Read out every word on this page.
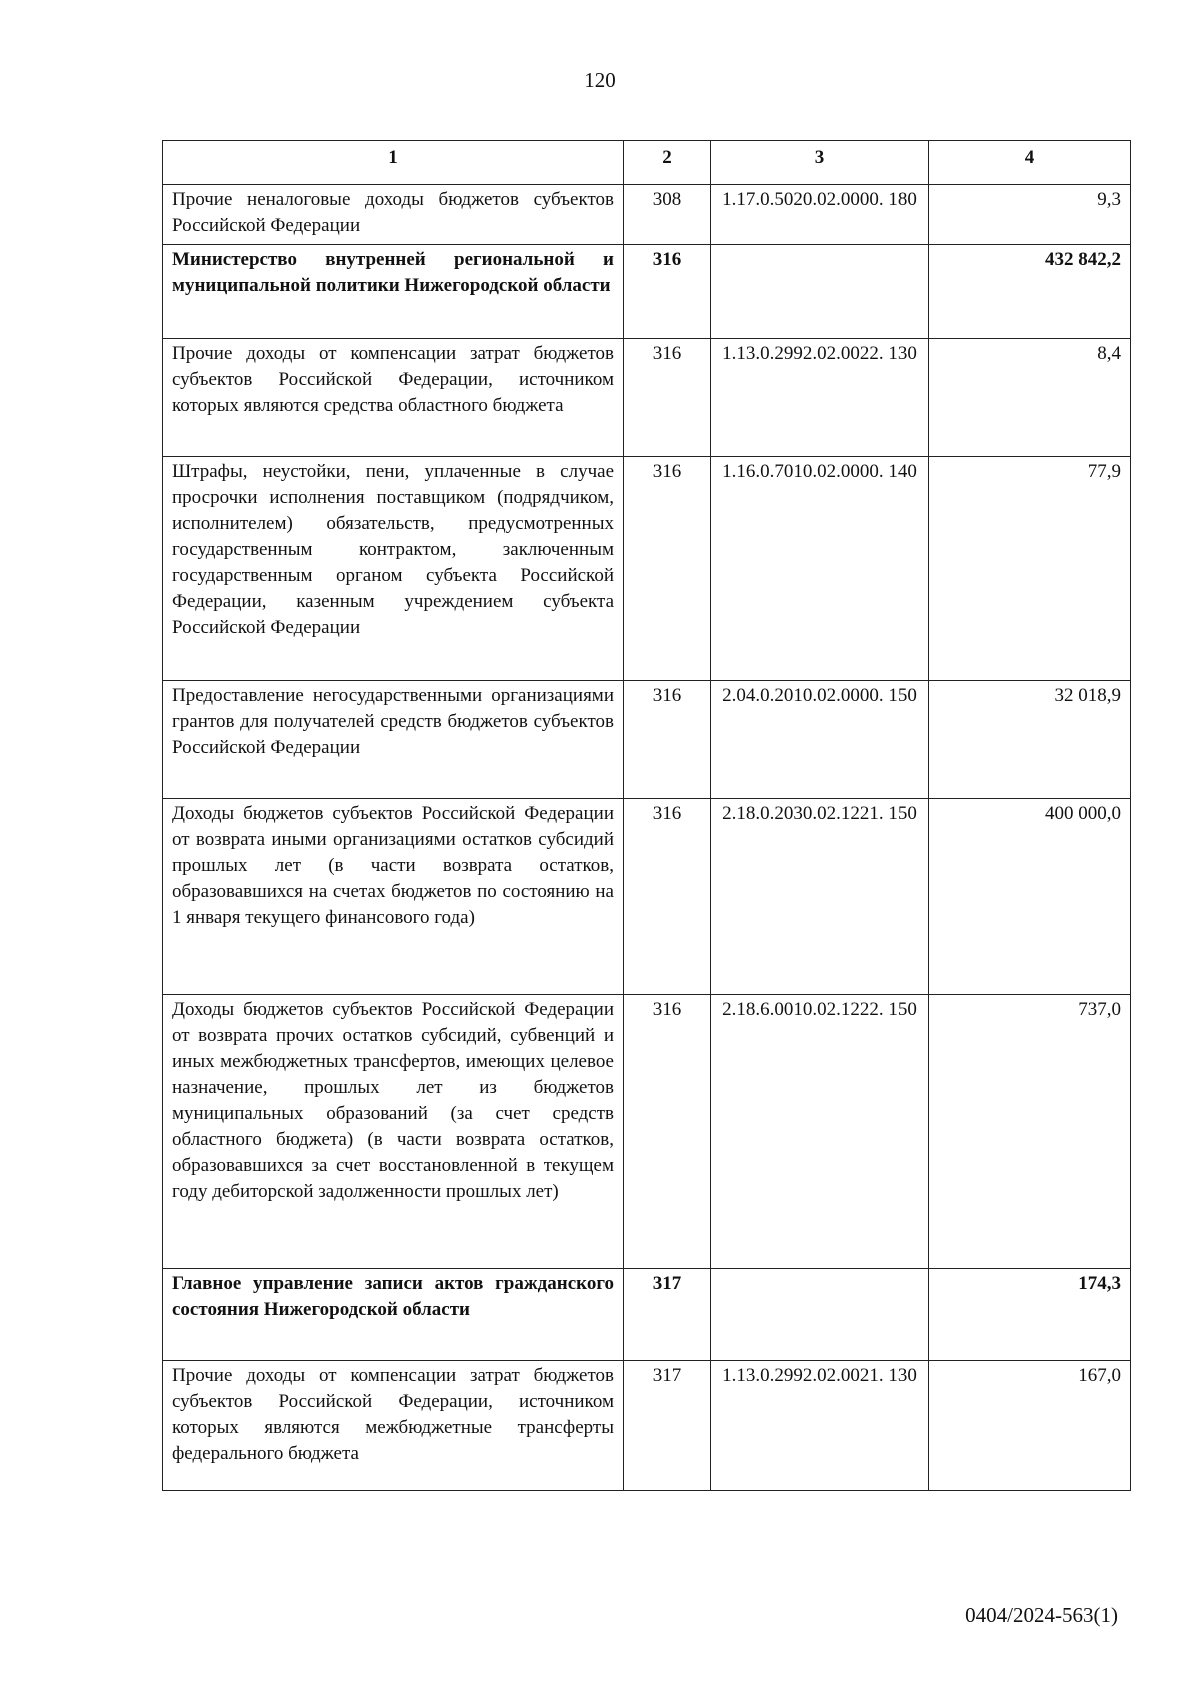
120
1	2	3	4
Прочие неналоговые доходы бюджетов субъектов Российской Федерации	308	1.17.0.5020.02.0000. 180	9,3
Министерство внутренней региональной и муниципальной политики Нижегородской области	316		432 842,2
Прочие доходы от компенсации затрат бюджетов субъектов Российской Федерации, источником которых являются средства областного бюджета	316	1.13.0.2992.02.0022. 130	8,4
Штрафы, неустойки, пени, уплаченные в случае просрочки исполнения поставщиком (подрядчиком, исполнителем) обязательств, предусмотренных государственным контрактом, заключенным государственным органом субъекта Российской Федерации, казенным учреждением субъекта Российской Федерации	316	1.16.0.7010.02.0000. 140	77,9
Предоставление негосударственными организациями грантов для получателей средств бюджетов субъектов Российской Федерации	316	2.04.0.2010.02.0000. 150	32 018,9
Доходы бюджетов субъектов Российской Федерации от возврата иными организациями остатков субсидий прошлых лет (в части возврата остатков, образовавшихся на счетах бюджетов по состоянию на 1 января текущего финансового года)	316	2.18.0.2030.02.1221. 150	400 000,0
Доходы бюджетов субъектов Российской Федерации от возврата прочих остатков субсидий, субвенций и иных межбюджетных трансфертов, имеющих целевое назначение, прошлых лет из бюджетов муниципальных образований (за счет средств областного бюджета) (в части возврата остатков, образовавшихся за счет восстановленной в текущем году дебиторской задолженности прошлых лет)	316	2.18.6.0010.02.1222. 150	737,0
Главное управление записи актов гражданского состояния Нижегородской области	317		174,3
Прочие доходы от компенсации затрат бюджетов субъектов Российской Федерации, источником которых являются межбюджетные трансферты федерального бюджета	317	1.13.0.2992.02.0021. 130	167,0
0404/2024-563(1)
